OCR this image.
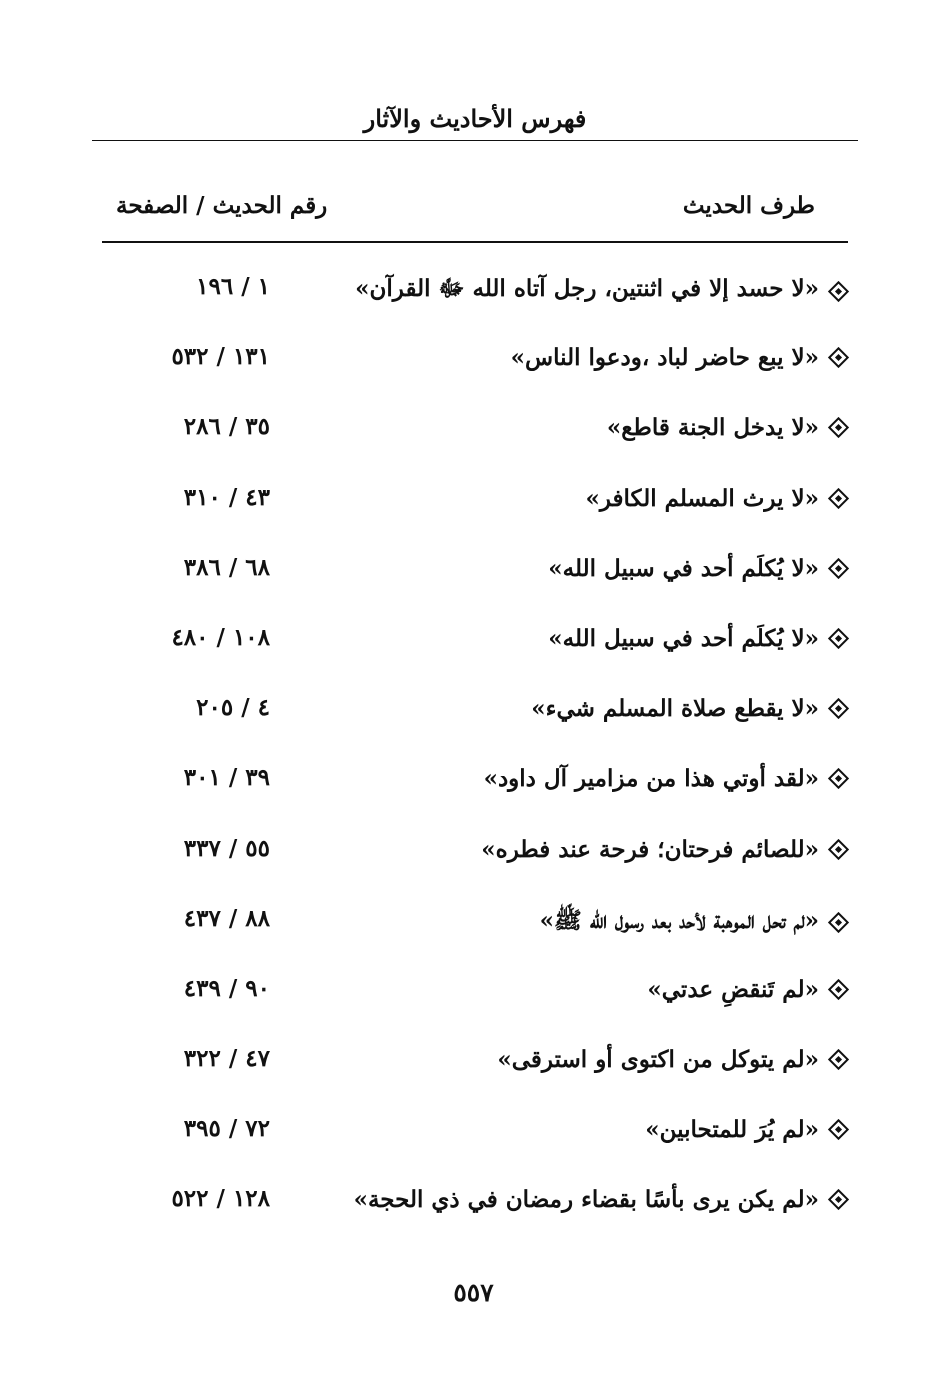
فهرس الأحاديث والآثار
طرف الحديث
رقم الحديث / الصفحة
«لا حسد إلا في اثنتين، رجل آتاه الله ﷻ القرآن»
١ / ١٩٦
«لا يبع حاضر لباد ،ودعوا الناس»
١٣١ / ٥٣٢
«لا يدخل الجنة قاطع»
٣٥ / ٢٨٦
«لا يرث المسلم الكافر»
٤٣ / ٣١٠
«لا يُكلَم أحد في سبيل الله»
٦٨ / ٣٨٦
«لا يُكلَم أحد في سبيل الله»
١٠٨ / ٤٨٠
«لا يقطع صلاة المسلم شيء»
٤ / ٢٠٥
«لقد أوتي هذا من مزامير آل داود»
٣٩ / ٣٠١
«للصائم فرحتان؛ فرحة عند فطره»
٥٥ / ٣٣٧
«لم تحل الموهبة لأحد بعد رسول الله ﷺ»
٨٨ / ٤٣٧
«لم تَنقضِ عدتي»
٩٠ / ٤٣٩
«لم يتوكل من اكتوى أو استرقى»
٤٧ / ٣٢٢
«لم يُرَ للمتحابين»
٧٢ / ٣٩٥
«لم يكن يرى بأسًا بقضاء رمضان في ذي الحجة»
١٢٨ / ٥٢٢
٥٥٧
